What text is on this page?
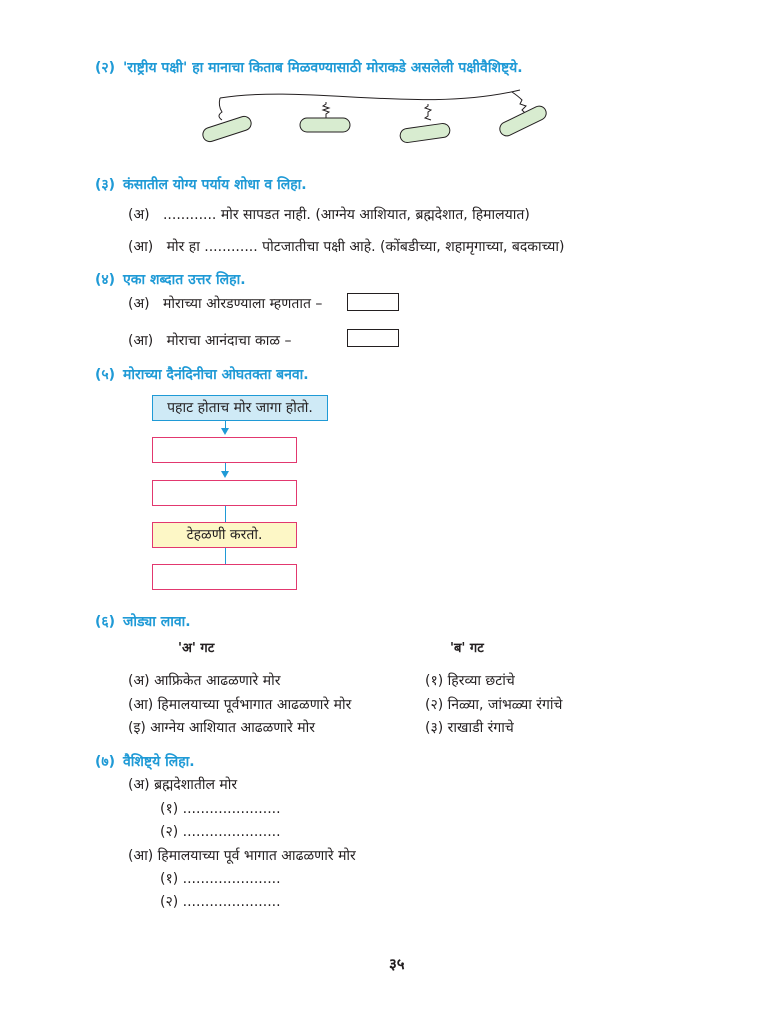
(२) 'राष्ट्रीय पक्षी' हा मानाचा किताब मिळवण्यासाठी मोराकडे असलेली पक्षीवैशिष्ट्ये.
(३) कंसातील योग्य पर्याय शोधा व लिहा.
(अ) ............ मोर सापडत नाही. (आग्नेय आशियात, ब्रह्मदेशात, हिमालयात)
(आ) मोर हा ............ पोटजातीचा पक्षी आहे. (कोंबडीच्या, शहामृगाच्या, बदकाच्या)
(४) एका शब्दात उत्तर लिहा.
(अ) मोराच्या ओरडण्याला म्हणतात –
(आ) मोराचा आनंदाचा काळ –
(५) मोराच्या दैनंदिनीचा ओघतक्ता बनवा.
पहाट होताच मोर जागा होतो.
टेहळणी करतो.
(६) जोड्या लावा.
'अ' गट	'ब' गट
(अ) आफ्रिकेत आढळणारे मोर
(आ) हिमालयाच्या पूर्वभागात आढळणारे मोर
(इ) आग्नेय आशियात आढळणारे मोर
(१) हिरव्या छटांचे
(२) निळ्या, जांभळ्या रंगांचे
(३) राखाडी रंगाचे
(७) वैशिष्ट्ये लिहा.
(अ) ब्रह्मदेशातील मोर
(१) ......................
(२) ......................
(आ) हिमालयाच्या पूर्व भागात आढळणारे मोर
(१) ......................
(२) ......................
३५
